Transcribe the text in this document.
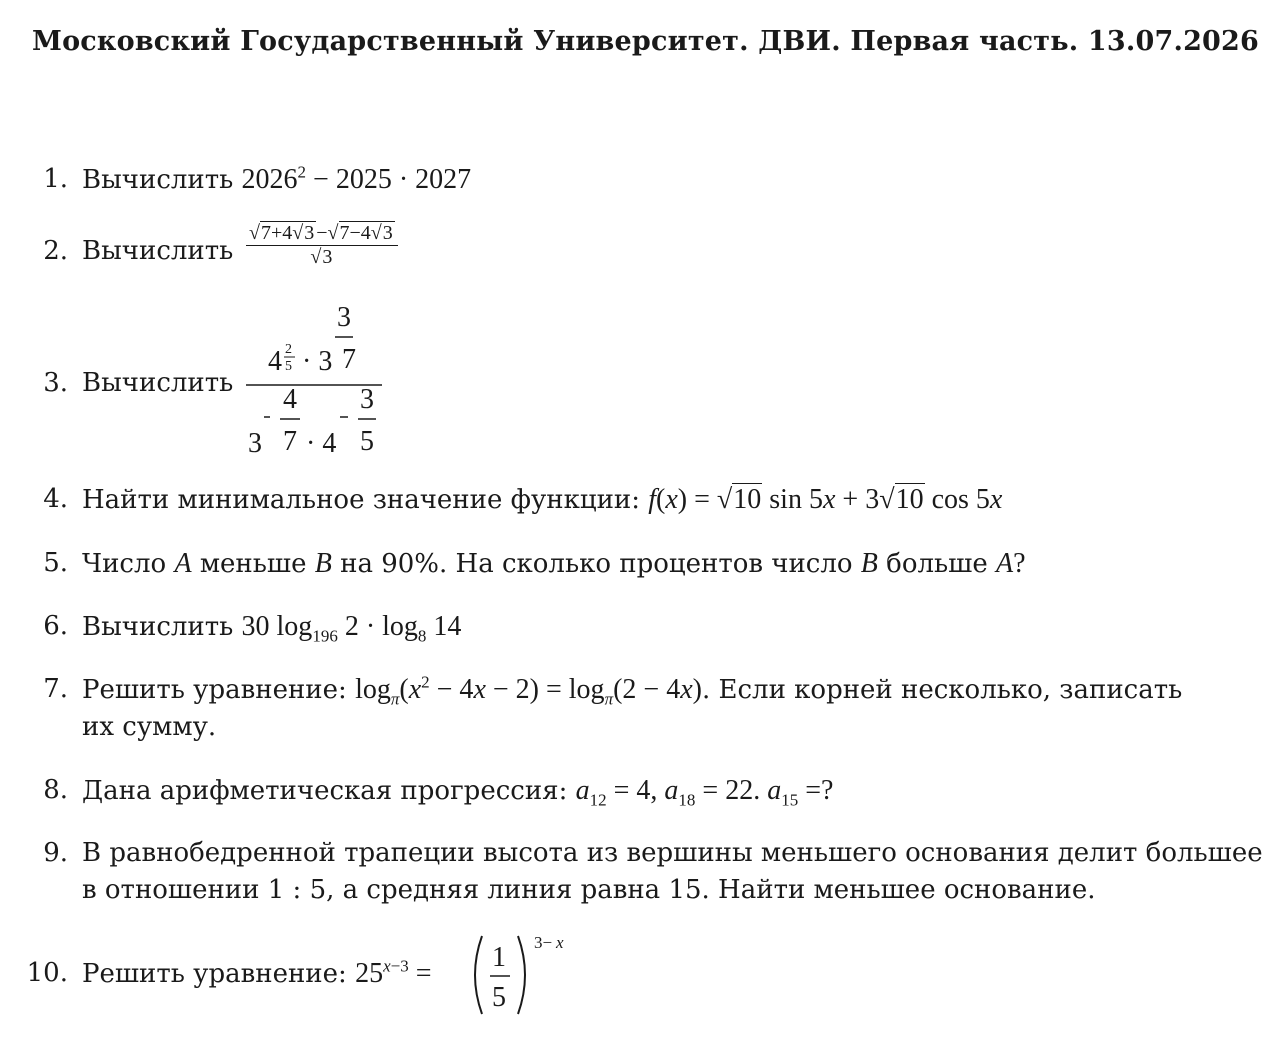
Московский Государственный Университет. ДВИ. Первая часть. 13.07.2026
1. Вычислить $2026^2 - 2025 \cdot 2027$
2. Вычислить $\frac{√7+4√3 -√7-4√3}{√3}$
3. Вычислить
3
4 2
5 · 3 7
4 3
3 7 · 4 5
4. Найти минимальное значение функции: f(x) = √10 sin 5x + 3√10 cos 5x
5. Число A меньше B на 90%. На сколько процентов число B больше A?
6. Вычислить 30 $\log_{196} 2 \cdot \log_8 14$
7. Решить уравнение: $\log_\pi(x^2 - 4x - 2) = \log_\pi(2 - 4x)$. Если корней несколько, записать
их сумму.
8. Дана арифметическая прогрессия: $a_{12} = 4$, $a_{18} = 22$. $a_{15}$ =?
9. В равнобедренной трапеции высота из вершины меньшего основания делит большее
в отношении 1 : 5, а средняя линия равна 15. Найти меньшее основание.
10. Решить уравнение: $25^{x-3}$ =
1
5
3− x
